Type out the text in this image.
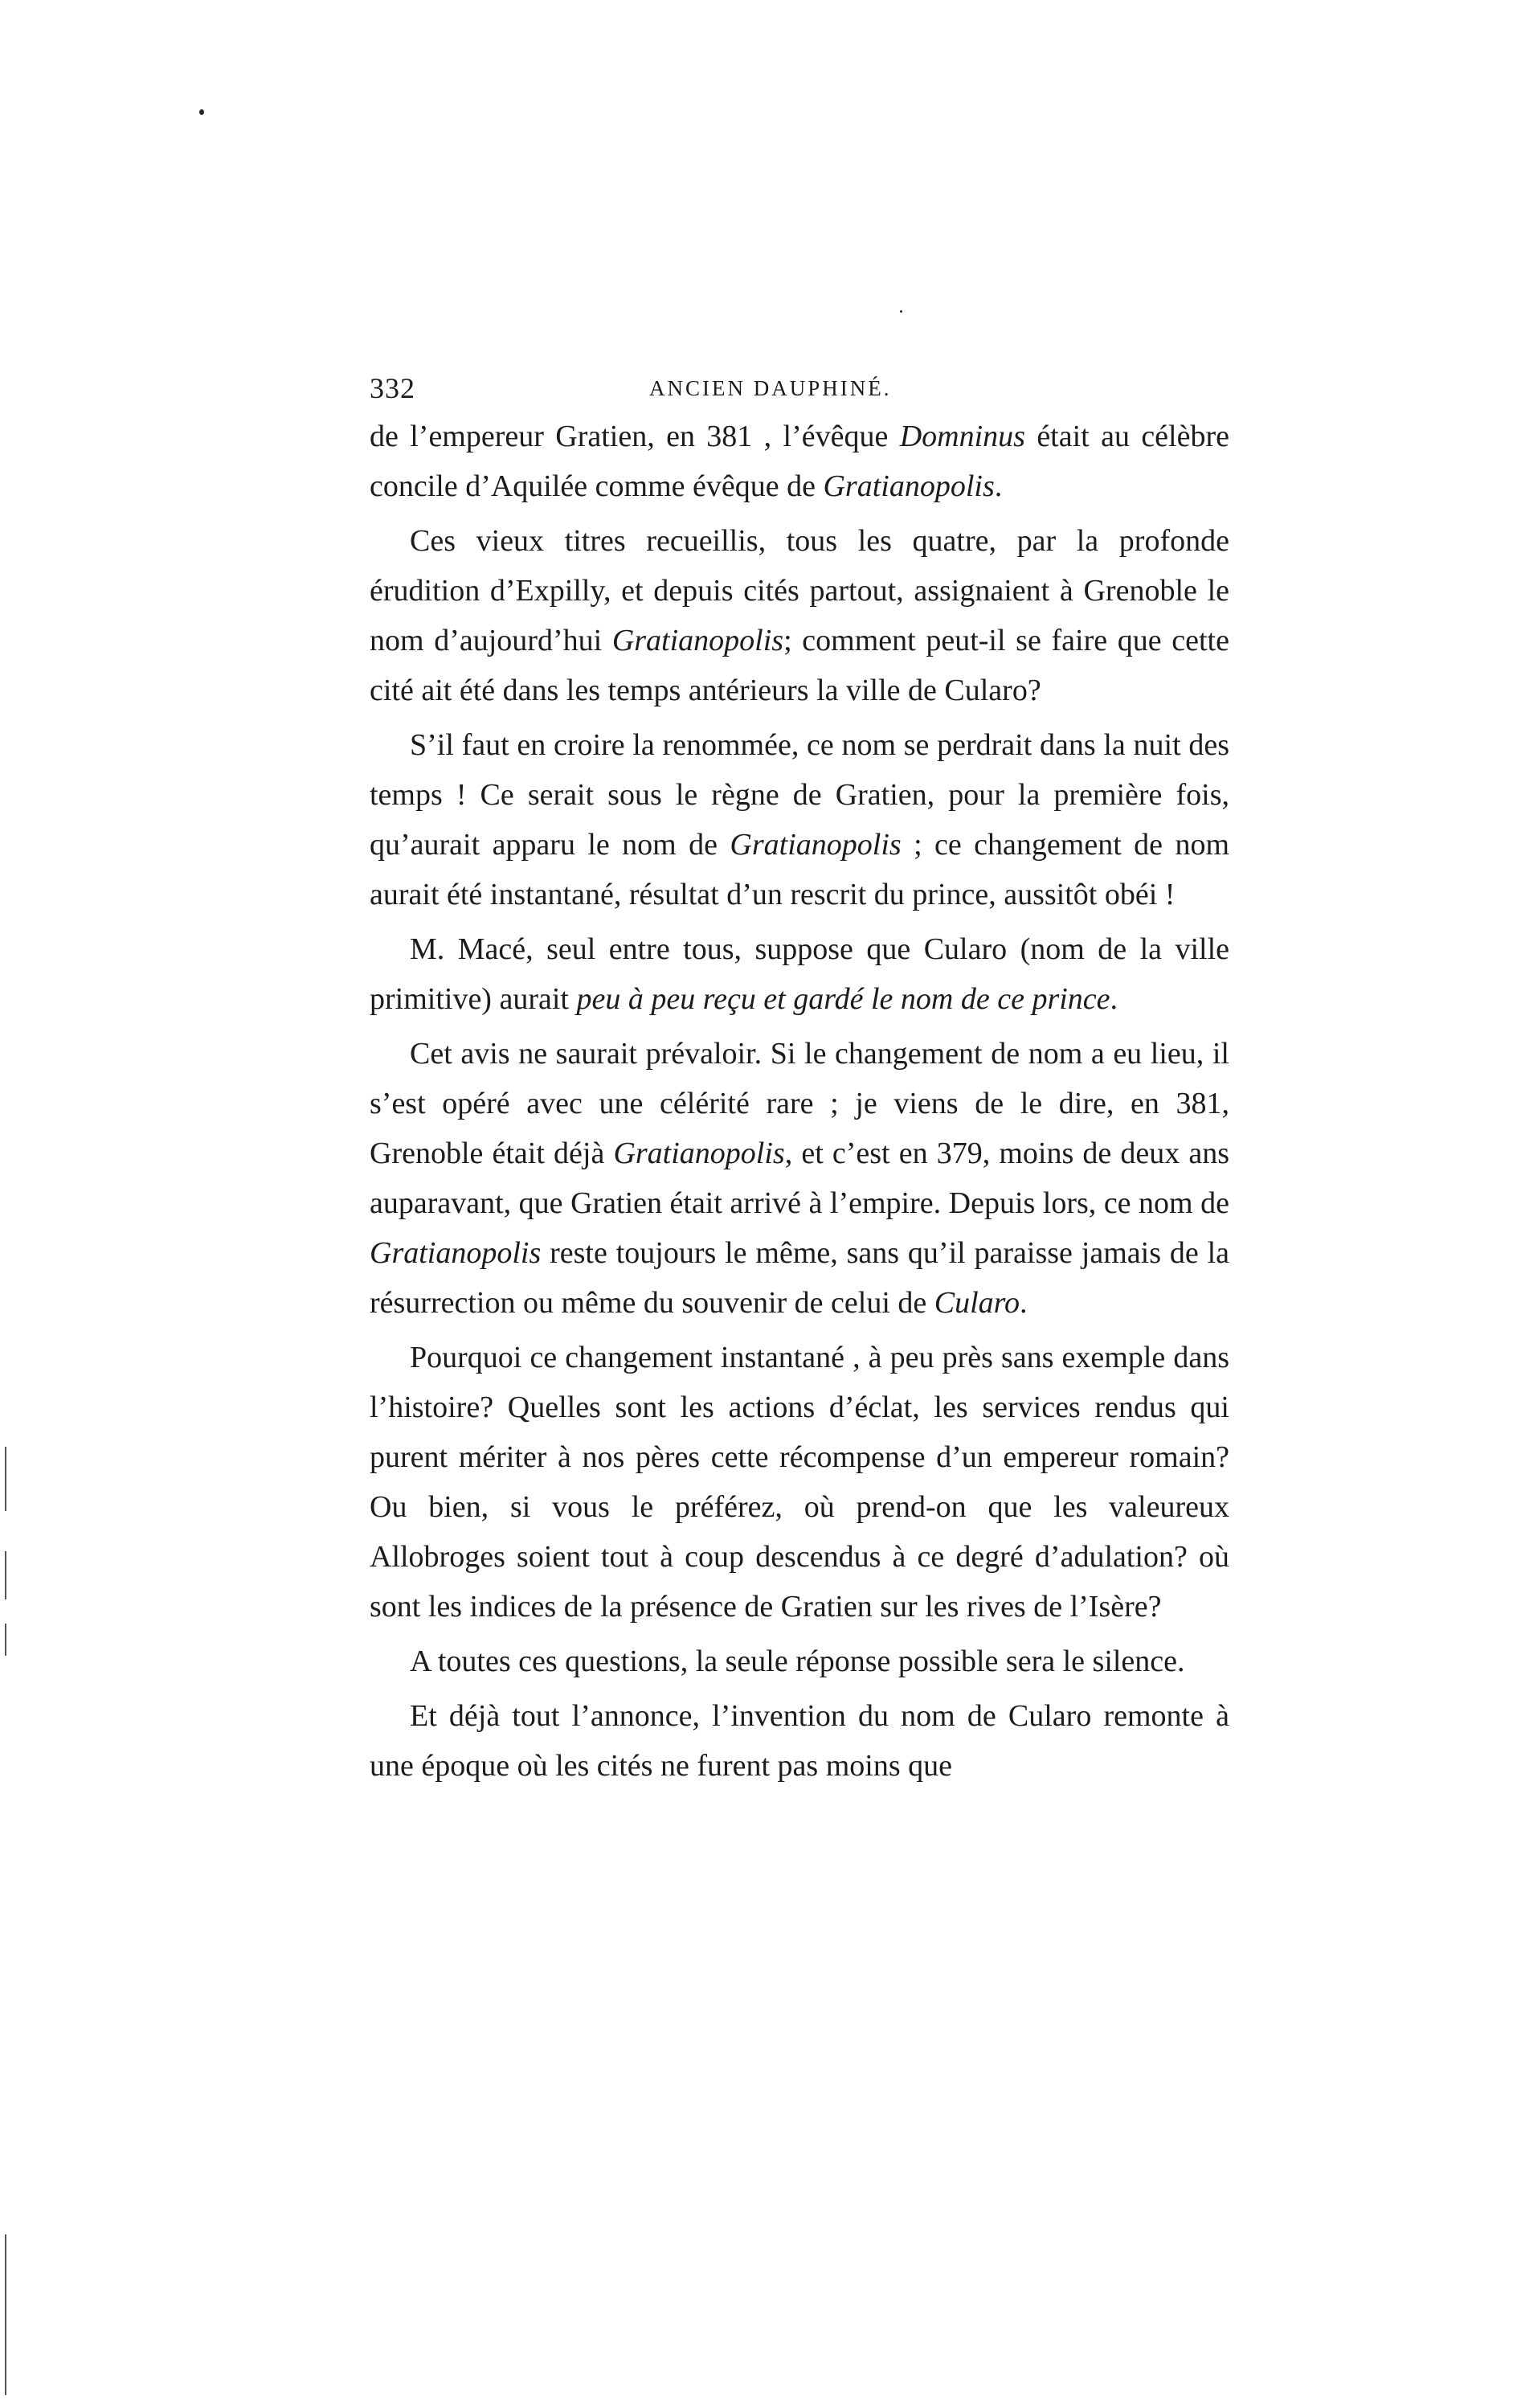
332	ANCIEN DAUPHINÉ.

de l’empereur Gratien, en 381 , l’évêque Domninus était au célèbre concile d’Aquilée comme évêque de Gratianopolis.

Ces vieux titres recueillis, tous les quatre, par la profonde érudition d’Expilly, et depuis cités partout, assignaient à Grenoble le nom d’aujourd’hui Gratianopolis; comment peut-il se faire que cette cité ait été dans les temps antérieurs la ville de Cularo?

S’il faut en croire la renommée, ce nom se perdrait dans la nuit des temps ! Ce serait sous le règne de Gratien, pour la première fois, qu’aurait apparu le nom de Gratianopolis ; ce changement de nom aurait été instantané, résultat d’un rescrit du prince, aussitôt obéi !

M. Macé, seul entre tous, suppose que Cularo (nom de la ville primitive) aurait peu à peu reçu et gardé le nom de ce prince.

Cet avis ne saurait prévaloir. Si le changement de nom a eu lieu, il s’est opéré avec une célérité rare ; je viens de le dire, en 381, Grenoble était déjà Gratianopolis, et c’est en 379, moins de deux ans auparavant, que Gratien était arrivé à l’empire. Depuis lors, ce nom de Gratianopolis reste toujours le même, sans qu’il paraisse jamais de la résurrection ou même du souvenir de celui de Cularo.

Pourquoi ce changement instantané , à peu près sans exemple dans l’histoire? Quelles sont les actions d’éclat, les services rendus qui purent mériter à nos pères cette récompense d’un empereur romain? Ou bien, si vous le préférez, où prend-on que les valeureux Allobroges soient tout à coup descendus à ce degré d’adulation? où sont les indices de la présence de Gratien sur les rives de l’Isère?

A toutes ces questions, la seule réponse possible sera le silence.

Et déjà tout l’annonce, l’invention du nom de Cularo remonte à une époque où les cités ne furent pas moins que
